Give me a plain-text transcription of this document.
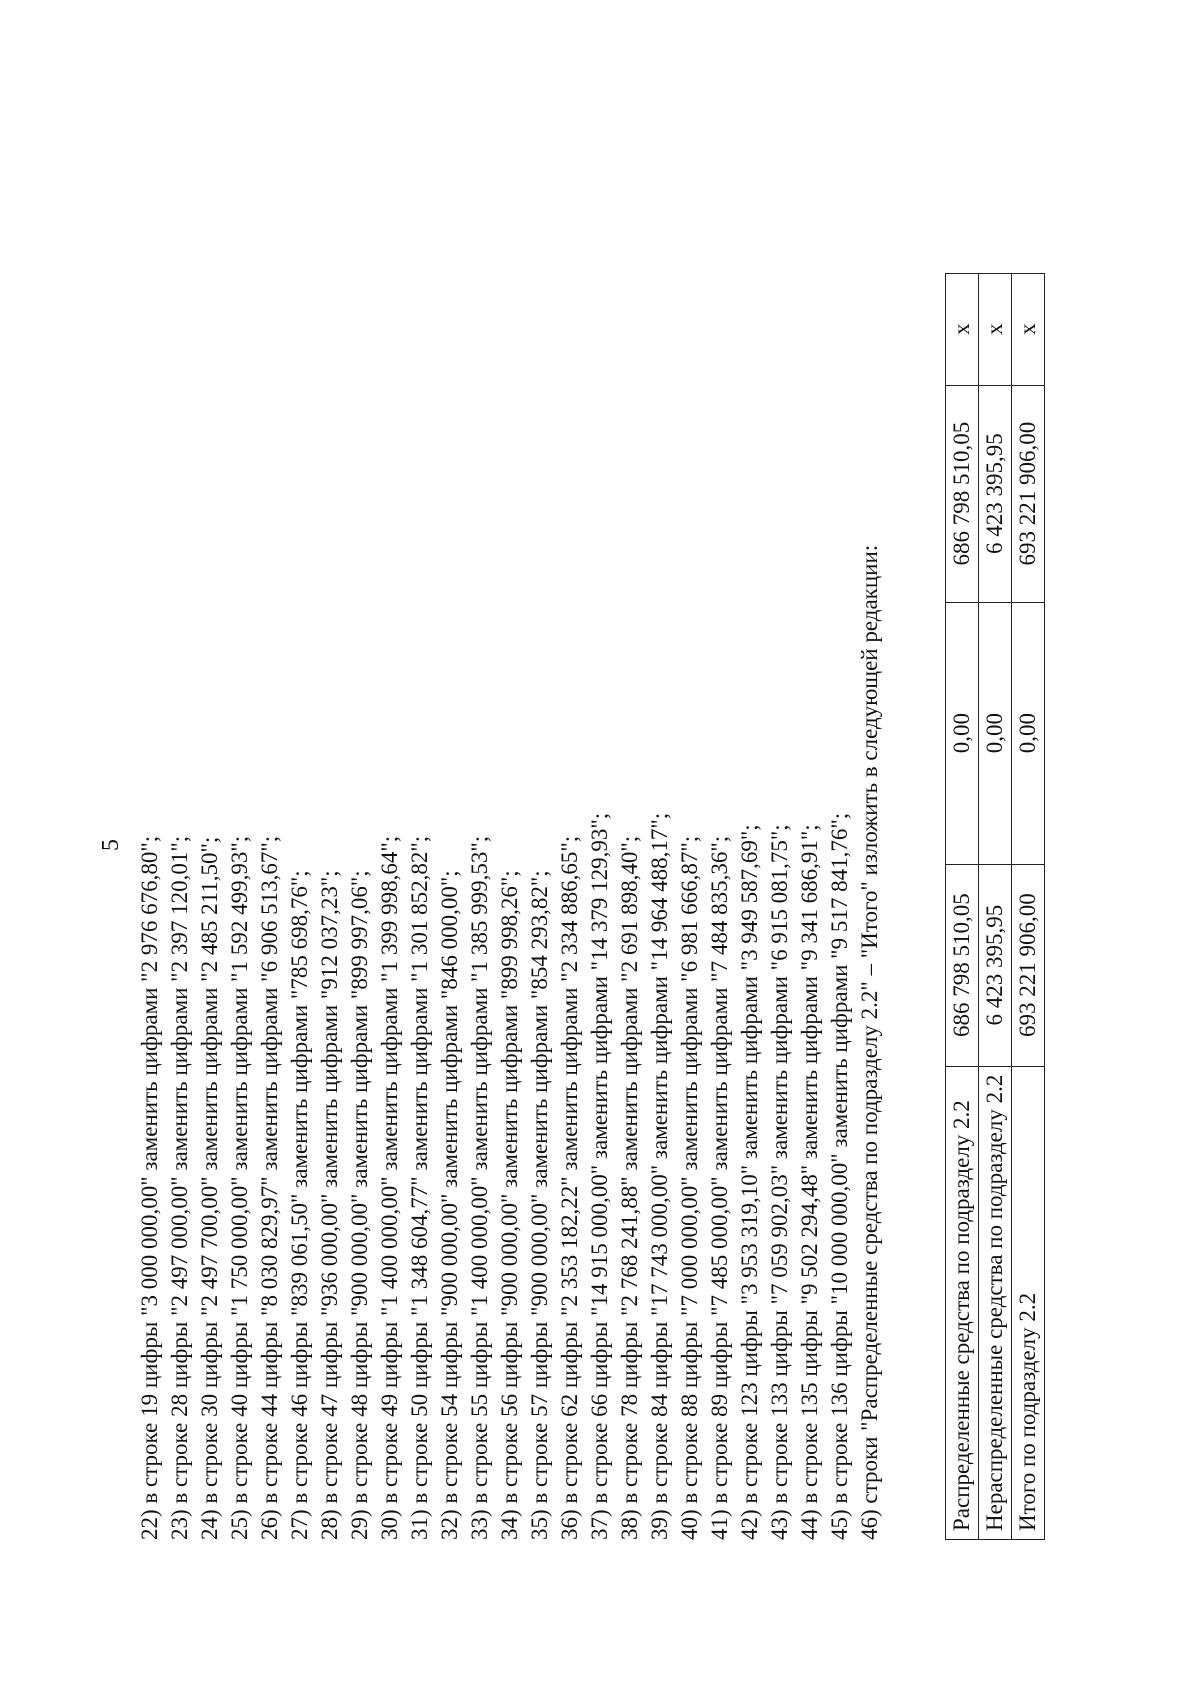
5 22) в строке 19 цифры "3 000 000,00" заменить цифрами "2 976 676,80"; 23) в строке 28 цифры "2 497 000,00" заменить цифрами "2 397 120,01"; 24) в строке 30 цифры "2 497 700,00" заменить цифрами "2 485 211,50"; 25) в строке 40 цифры "1 750 000,00" заменить цифрами "1 592 499,93"; 26) в строке 44 цифры "8 030 829,97" заменить цифрами "6 906 513,67"; 27) в строке 46 цифры "839 061,50" заменить цифрами "785 698,76"; 28) в строке 47 цифры "936 000,00" заменить цифрами "912 037,23"; 29) в строке 48 цифры "900 000,00" заменить цифрами "899 997,06"; 30) в строке 49 цифры "1 400 000,00" заменить цифрами "1 399 998,64"; 31) в строке 50 цифры "1 348 604,77" заменить цифрами "1 301 852,82"; 32) в строке 54 цифры "900 000,00" заменить цифрами "846 000,00"; 33) в строке 55 цифры "1 400 000,00" заменить цифрами "1 385 999,53"; 34) в строке 56 цифры "900 000,00" заменить цифрами "899 998,26"; 35) в строке 57 цифры "900 000,00" заменить цифрами "854 293,82"; 36) в строке 62 цифры "2 353 182,22" заменить цифрами "2 334 886,65"; 37) в строке 66 цифры "14 915 000,00" заменить цифрами "14 379 129,93"; 38) в строке 78 цифры "2 768 241,88" заменить цифрами "2 691 898,40"; 39) в строке 84 цифры "17 743 000,00" заменить цифрами "14 964 488,17"; 40) в строке 88 цифры "7 000 000,00" заменить цифрами "6 981 666,87"; 41) в строке 89 цифры "7 485 000,00" заменить цифрами "7 484 835,36"; 42) в строке 123 цифры "3 953 319,10" заменить цифрами "3 949 587,69"; 43) в строке 133 цифры "7 059 902,03" заменить цифрами "6 915 081,75"; 44) в строке 135 цифры "9 502 294,48" заменить цифрами "9 341 686,91"; 45) в строке 136 цифры "10 000 000,00" заменить цифрами "9 517 841,76"; 46) строки "Распределенные средства по подразделу 2.2" – "Итого" изложить в следующей редакции:	Распределенные средства по подразделу 2.2	686 798 510,05	0,00	686 798 510,05	х
Нераспределенные средства по подразделу 2.2	6 423 395,95	0,00	6 423 395,95	х
Итого по подразделу 2.2	693 221 906,00	0,00	693 221 906,00	х
